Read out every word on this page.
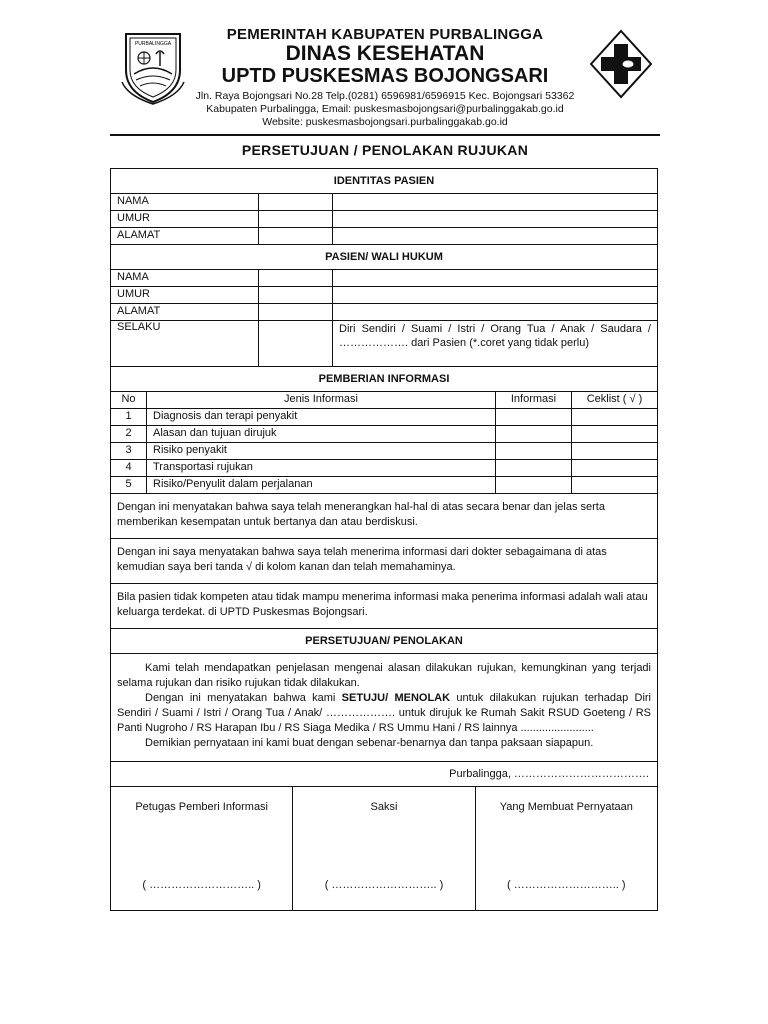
PURBALINGGA
PEMERINTAH KABUPATEN PURBALINGGA
DINAS KESEHATAN
UPTD PUSKESMAS BOJONGSARI
Jln. Raya Bojongsari No.28 Telp.(0281) 6596981/6596915 Kec. Bojongsari 53362
Kabupaten Purbalingga, Email: puskesmasbojongsari@purbalinggakab.go.id
Website: puskesmasbojongsari.purbalinggakab.go.id
PERSETUJUAN / PENOLAKAN RUJUKAN
IDENTITAS PASIEN
NAMA
UMUR
ALAMAT
PASIEN/ WALI HUKUM
NAMA
UMUR
ALAMAT
SELAKU	Diri Sendiri / Suami / Istri / Orang Tua / Anak / Saudara / ………………. dari Pasien (*.coret yang tidak perlu)
PEMBERIAN INFORMASI
No	Jenis Informasi	Informasi	Ceklist ( √ )
1	Diagnosis dan terapi penyakit
2	Alasan dan tujuan dirujuk
3	Risiko penyakit
4	Transportasi rujukan
5	Risiko/Penyulit dalam perjalanan
Dengan ini menyatakan bahwa saya telah menerangkan hal-hal di atas secara benar dan jelas serta memberikan kesempatan untuk bertanya dan atau berdiskusi.
Dengan ini saya menyatakan bahwa saya telah menerima informasi dari dokter sebagaimana di atas kemudian saya beri tanda √ di kolom kanan dan telah memahaminya.
Bila pasien tidak kompeten atau tidak mampu menerima informasi maka penerima informasi adalah wali atau keluarga terdekat. di UPTD Puskesmas Bojongsari.
PERSETUJUAN/ PENOLAKAN

Kami telah mendapatkan penjelasan mengenai alasan dilakukan rujukan, kemungkinan yang terjadi selama rujukan dan risiko rujukan tidak dilakukan.

Dengan ini menyatakan bahwa kami SETUJU/ MENOLAK untuk dilakukan rujukan terhadap Diri Sendiri / Suami / Istri / Orang Tua / Anak/ ………………. untuk dirujuk ke Rumah Sakit RSUD Goeteng / RS Panti Nugroho / RS Harapan Ibu / RS Siaga Medika / RS Ummu Hani / RS lainnya ........................

Demikian pernyataan ini kami buat dengan sebenar-benarnya dan tanpa paksaan siapapun.

Purbalingga, ……………………………….
Petugas Pemberi Informasi
( ……………………….. )
Saksi
( ……………………….. )
Yang Membuat Pernyataan
( ……………………….. )
